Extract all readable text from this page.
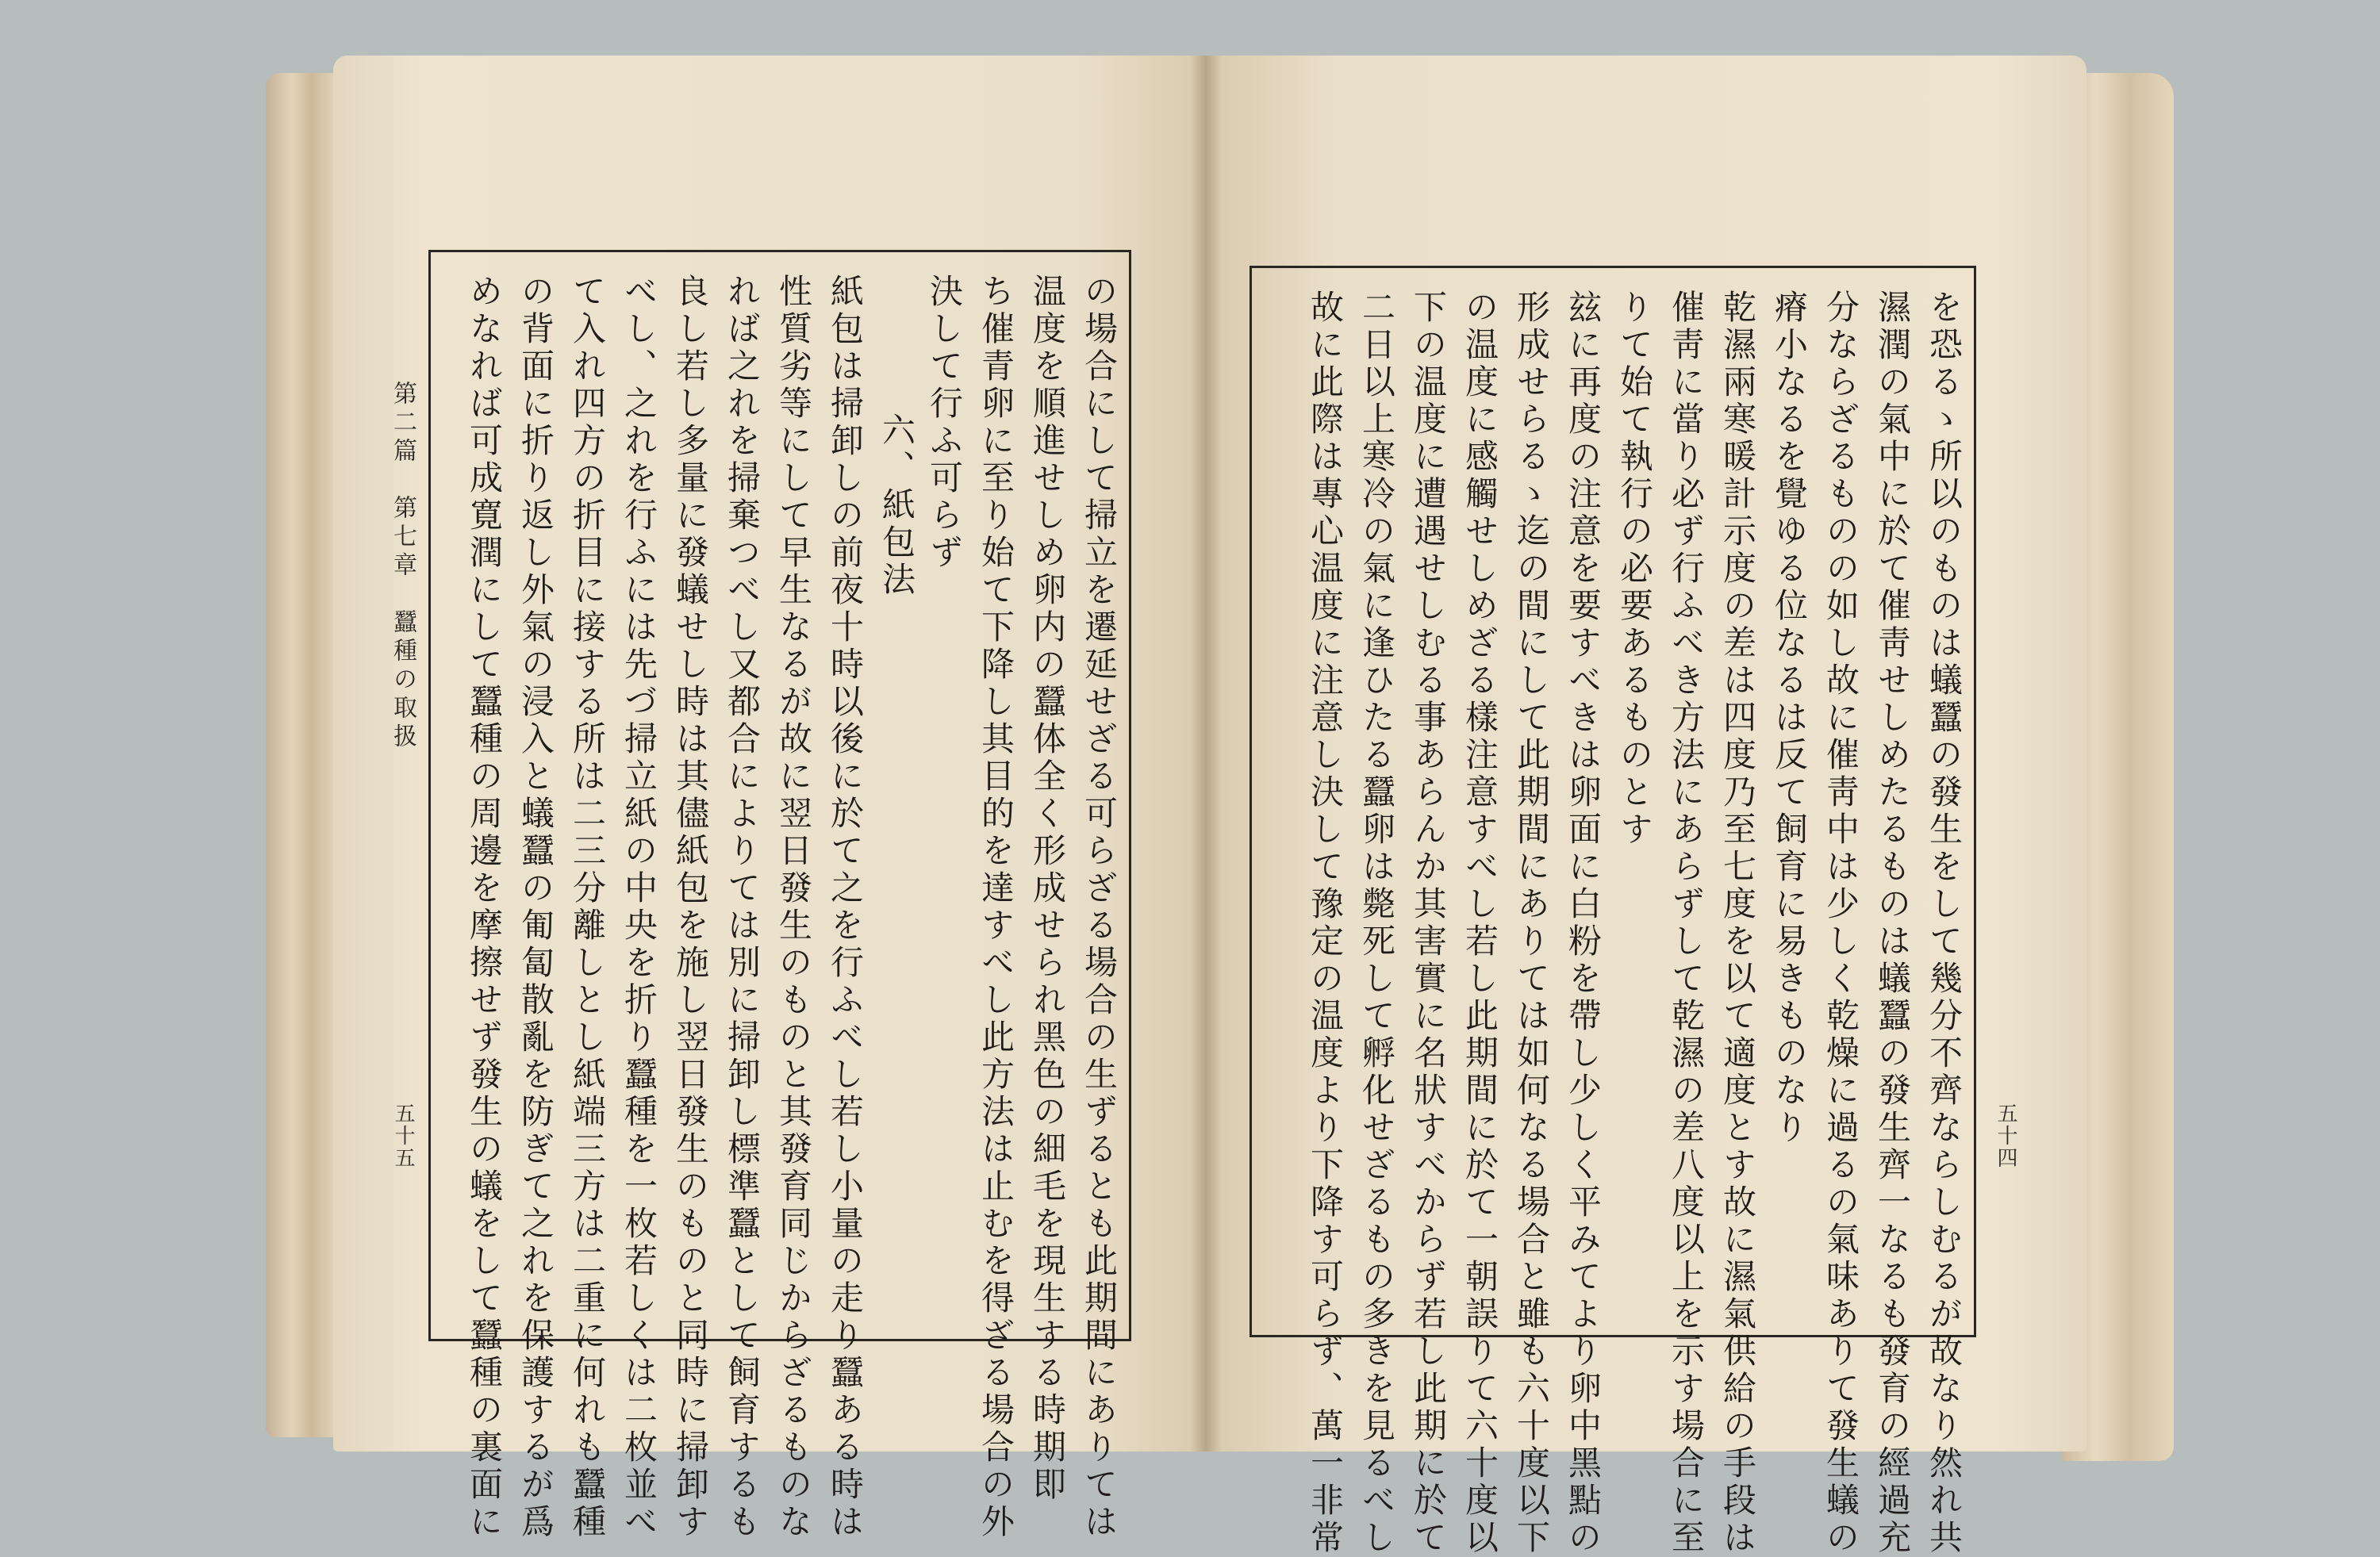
第二篇　第七章　蠶種の取扱
五十五	の場合にして掃立を遷延せざる可らざる場合の生ずるとも此期間にありては
温度を順進せしめ卵内の蠶体全く形成せられ黑色の細毛を現生する時期即
ち催青卵に至り始て下降し其目的を達すべし此方法は止むを得ざる場合の外
決して行ふ可らず
六、紙包法
紙包は掃卸しの前夜十時以後に於て之を行ふべし若し小量の走り蠶ある時は
性質劣等にして早生なるが故に翌日發生のものと其發育同じからざるものな
れば之れを掃棄つべし又都合によりては別に掃卸し標準蠶として飼育するも
良し若し多量に發蟻せし時は其儘紙包を施し翌日發生のものと同時に掃卸す
べし、之れを行ふには先づ掃立紙の中央を折り蠶種を一枚若しくは二枚並べ
て入れ四方の折目に接する所は二三分離しとし紙端三方は二重に何れも蠶種
の背面に折り返し外氣の浸入と蟻蠶の匍匐散亂を防ぎて之れを保護するが爲
めなれば可成寛潤にして蠶種の周邊を摩擦せず發生の蟻をして蠶種の裏面に	五十四
を恐るゝ所以のものは蟻蠶の發生をして幾分不齊ならしむるが故なり然れ共
濕潤の氣中に於て催靑せしめたるものは蟻蠶の發生齊一なるも發育の經過充
分ならざるものの如し故に催靑中は少しく乾燥に過るの氣味ありて發生蟻の
瘠小なるを覺ゆる位なるは反て飼育に易きものなり
乾濕兩寒暖計示度の差は四度乃至七度を以て適度とす故に濕氣供給の手段は
催靑に當り必ず行ふべき方法にあらずして乾濕の差八度以上を示す場合に至
りて始て執行の必要あるものとす
玆に再度の注意を要すべきは卵面に白粉を帶し少しく平みてより卵中黑點の
形成せらるゝ迄の間にして此期間にありては如何なる場合と雖も六十度以下
の温度に感觸せしめざる樣注意すべし若し此期間に於て一朝誤りて六十度以
下の温度に遭遇せしむる事あらんか其害實に名狀すべからず若し此期に於て
二日以上寒冷の氣に逢ひたる蠶卵は斃死して孵化せざるもの多きを見るべし
故に此際は專心温度に注意し決して豫定の温度より下降す可らず、萬一非常
